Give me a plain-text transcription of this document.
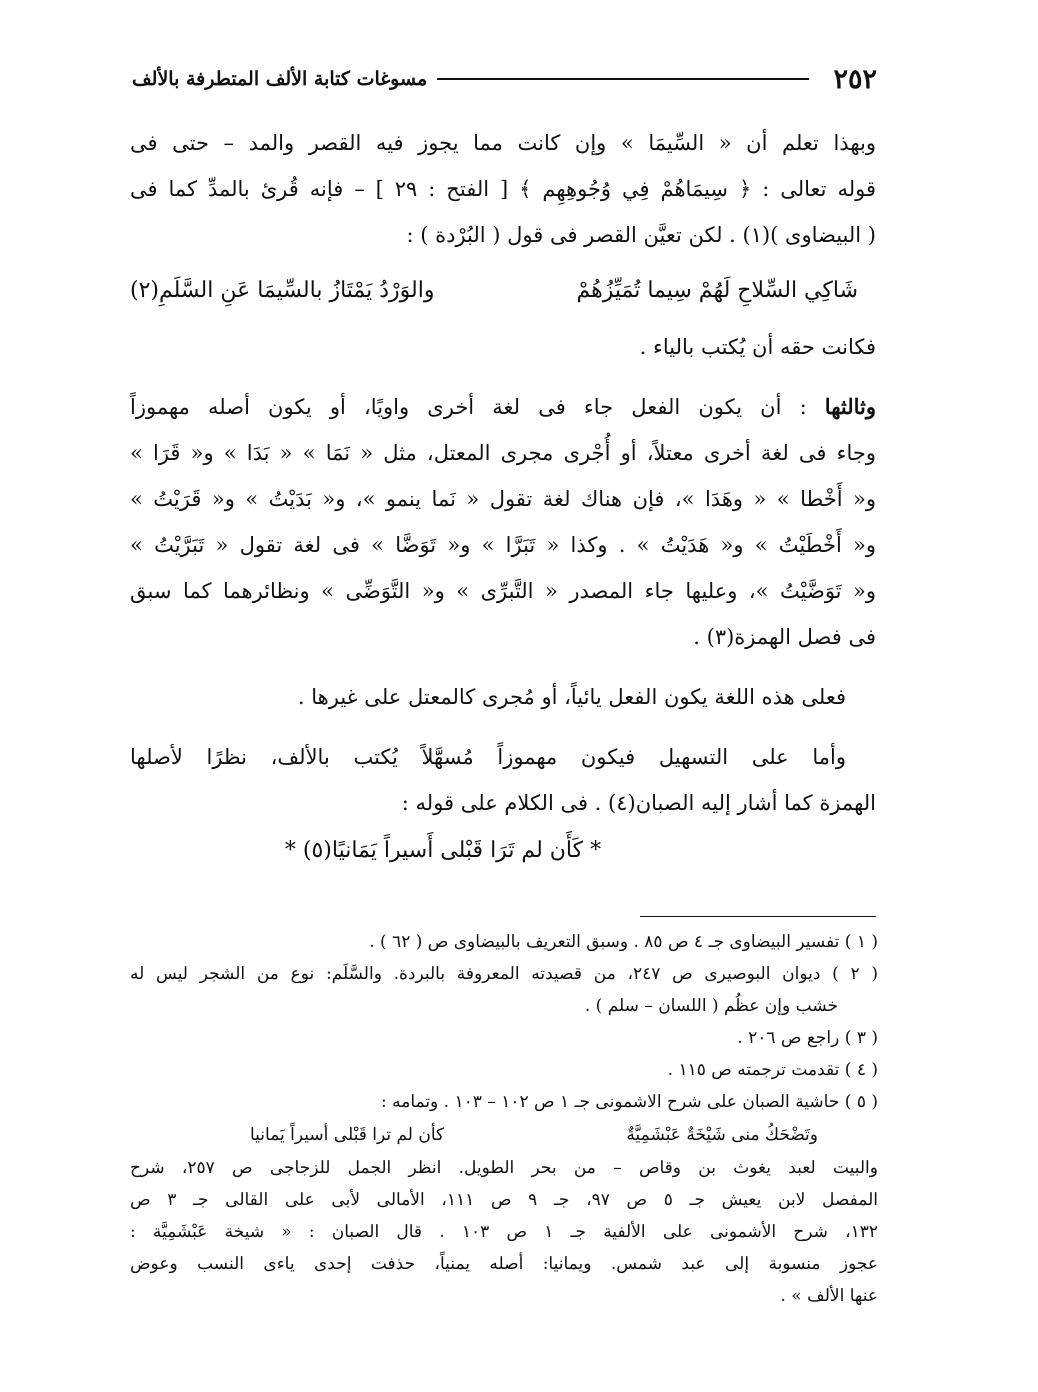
٢٥٢
مسوغات كتابة الألف المتطرفة بالألف
وبهذا تعلم أن « السِّيمَا » وإن كانت مما يجوز فيه القصر والمد – حتى فى
قوله تعالى : ﴿ سِيمَاهُمْ فِي وُجُوهِهِم ﴾ [ الفتح : ٢٩ ] – فإنه قُرئ بالمدِّ كما فى
( البيضاوى )(١) . لكن تعيَّن القصر فى قول ( البُرْدة ) :
شَاكِي السِّلاحِ لَهُمْ سِيما تُمَيِّزُهُمْ
والوَرْدُ يَمْتَازُ بالسِّيمَا عَنِ السَّلَمِ(٢)
فكانت حقه أن يُكتب بالياء .
وثالثها : أن يكون الفعل جاء فى لغة أخرى واويًا، أو يكون أصله مهموزاً
وجاء فى لغة أخرى معتلاً، أو أُجْرى مجرى المعتل، مثل « نَمَا » « بَدَا » و« قَرَا »
و« أَخْطا » « وهَدَا »، فإن هناك لغة تقول « نَما ينمو »، و« بَدَيْتُ » و« قَرَيْتُ »
و« أَخْطَيْتُ » و« هَدَيْتُ » . وكذا « تَبَرَّا » و« تَوَضَّا » فى لغة تقول « تَبَرَّيْتُ »
و« تَوَضَّيْتُ »، وعليها جاء المصدر « التَّبرِّى » و« التَّوَضِّى » ونظائرهما كما سبق
فى فصل الهمزة(٣) .
فعلى هذه اللغة يكون الفعل يائياً، أو مُجرى كالمعتل على غيرها .
وأما على التسهيل فيكون مهموزاً مُسهَّلاً يُكتب بالألف، نظرًا لأصلها
الهمزة كما أشار إليه الصبان(٤) . فى الكلام على قوله :
* كَأَن لم تَرَا قَبْلى أَسيراً يَمَانيًا(٥) *
( ١ ) تفسير البيضاوى جـ ٤ ص ٨٥ . وسبق التعريف بالبيضاوى ص ( ٦٢ ) .
( ٢ ) ديوان البوصيرى ص ٢٤٧، من قصيدته المعروفة بالبردة. والسَّلَم: نوع من الشجر ليس له
خشب وإن عظُم ( اللسان – سلم ) .
( ٣ ) راجع ص ٢٠٦ .
( ٤ ) تقدمت ترجمته ص ١١٥ .
( ٥ ) حاشية الصبان على شرح الاشمونى جـ ١ ص ١٠٢ – ١٠٣ . وتمامه :
وتَضْحَكُ منى شَيْخَةٌ عَبْشَمِيَّةٌ
كأن لم ترا قَبْلى أسيراً يَمانيا
والبيت لعبد يغوث بن وقاص – من بحر الطويل. انظر الجمل للزجاجى ص ٢٥٧، شرح
المفصل لابن يعيش جـ ٥ ص ٩٧، جـ ٩ ص ١١١، الأمالى لأبى على القالى جـ ٣ ص
١٣٢، شرح الأشمونى على الألفية جـ ١ ص ١٠٣ . قال الصبان : « شيخة عَبْشَمِيَّة :
عجوز منسوبة إلى عبد شمس. ويمانيا: أصله يمنياً، حذفت إحدى ياءى النسب وعوض
عنها الألف » .
